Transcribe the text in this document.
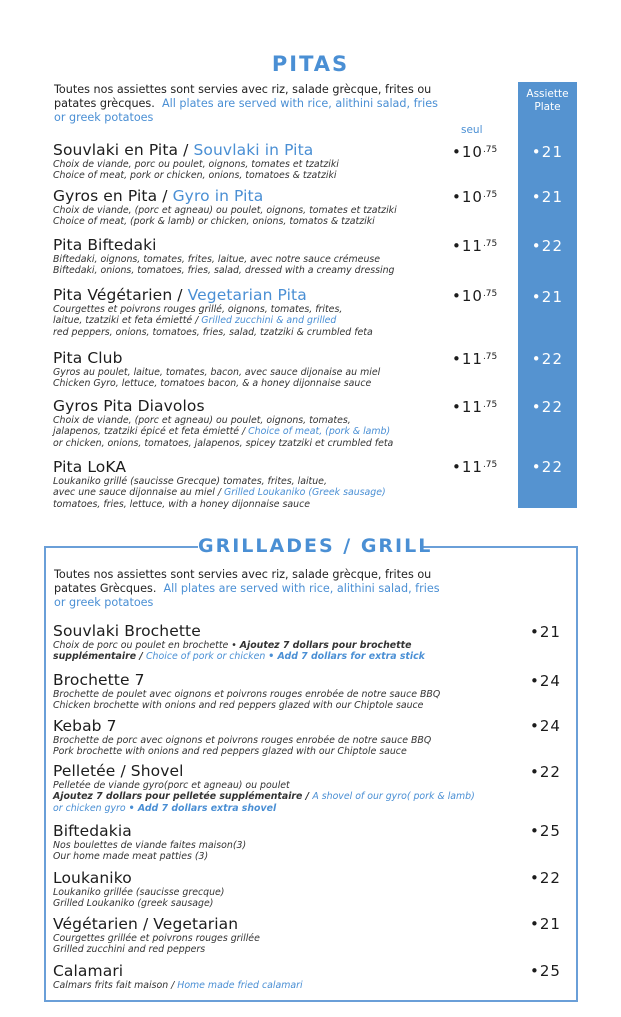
PITAS
Assiette
Plate
Toutes nos assiettes sont servies avec riz, salade grècque, frites ou
patates grècques. All plates are served with rice, alithini salad, fries
or greek potatoes
seul
Souvlaki en Pita / Souvlaki in Pita
Choix de viande, porc ou poulet, oignons, tomates et tzatziki
Choice of meat, pork or chicken, onions, tomatoes & tzatziki
$•10^{.75}$	•21
Gyros en Pita / Gyro in Pita
Choix de viande, (porc et agneau) ou poulet, oignons, tomates et tzatziki
Choice of meat, (pork & lamb) or chicken, onions, tomatos & tzatziki
$•10^{.75}$	•21
Pita Biftedaki
Biftedaki, oignons, tomates, frites, laitue, avec notre sauce crémeuse
Biftedaki, onions, tomatoes, fries, salad, dressed with a creamy dressing
$•11^{.75}$	•22
Pita Végétarien / Vegetarian Pita
Courgettes et poivrons rouges grillé, oignons, tomates, frites,
laitue, tzatziki et feta émietté / Grilled zucchini & and grilled
red peppers, onions, tomatoes, fries, salad, tzatziki & crumbled feta
$•10^{.75}$	•21
Pita Club
Gyros au poulet, laitue, tomates, bacon, avec sauce dijonaise au miel
Chicken Gyro, lettuce, tomatoes bacon, & a honey dijonnaise sauce
$•11^{.75}$	•22
Gyros Pita Diavolos
Choix de viande, (porc et agneau) ou poulet, oignons, tomates,
jalapenos, tzatziki épicé et feta émietté / Choice of meat, (pork & lamb)
or chicken, onions, tomatoes, jalapenos, spicey tzatziki et crumbled feta
$•11^{.75}$	•22
Pita LoKA
Loukaniko grillé (saucisse Grecque) tomates, frites, laitue,
avec une sauce dijonnaise au miel / Grilled Loukaniko (Greek sausage)
tomatoes, fries, lettuce, with a honey dijonnaise sauce
$•11^{.75}$	•22
GRILLADES / GRILL
Toutes nos assiettes sont servies avec riz, salade grècque, frites ou
patates Grècques. All plates are served with rice, alithini salad, fries
or greek potatoes
Souvlaki Brochette
Choix de porc ou poulet en brochette • Ajoutez 7 dollars pour brochette
supplémentaire / Choice of pork or chicken • Add 7 dollars for extra stick
•21
Brochette 7
Brochette de poulet avec oignons et poivrons rouges enrobée de notre sauce BBQ
Chicken brochette with onions and red peppers glazed with our Chiptole sauce
•24
Kebab 7
Brochette de porc avec oignons et poivrons rouges enrobée de notre sauce BBQ
Pork brochette with onions and red peppers glazed with our Chiptole sauce
•24
Pelletée / Shovel
Pelletée de viande gyro(porc et agneau) ou poulet
Ajoutez 7 dollars pour pelletée supplémentaire / A shovel of our gyro( pork & lamb)
or chicken gyro • Add 7 dollars extra shovel
•22
Biftedakia
Nos boulettes de viande faites maison(3)
Our home made meat patties (3)
•25
Loukaniko
Loukaniko grillée (saucisse grecque)
Grilled Loukaniko (greek sausage)
•22
Végétarien / Vegetarian
Courgettes grillée et poivrons rouges grillée
Grilled zucchini and red peppers
•21
Calamari
Calmars frits fait maison / Home made fried calamari
•25
